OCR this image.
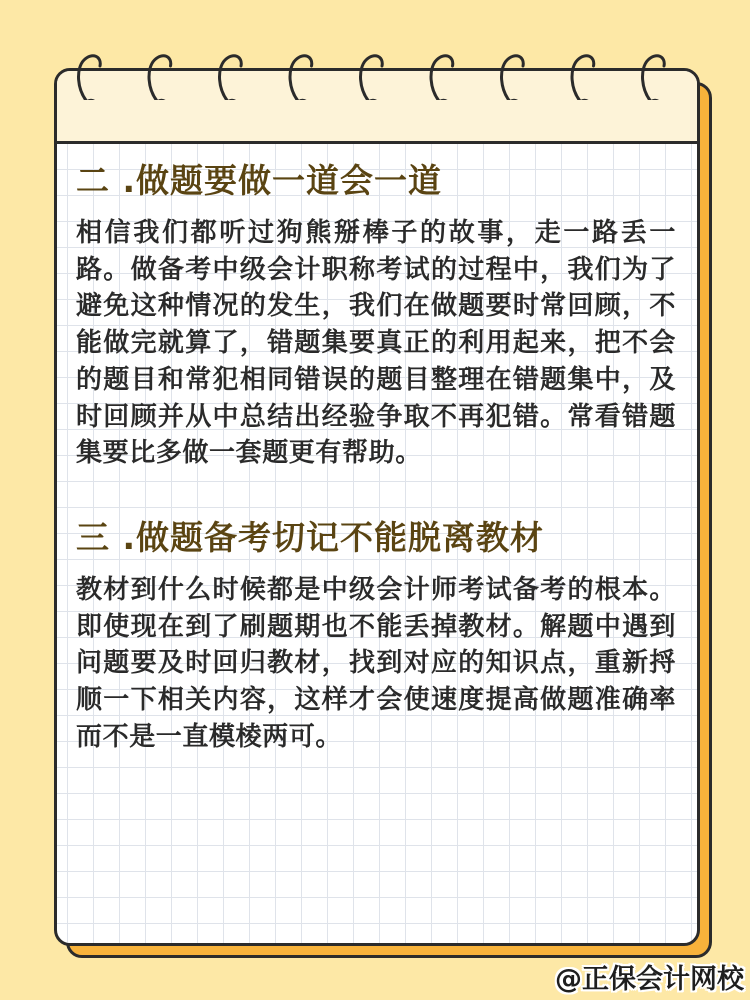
二 .做题要做一道会一道

相信我们都听过狗熊掰棒子的故事，走一路丢一路。做备考中级会计职称考试的过程中，我们为了避免这种情况的发生，我们在做题要时常回顾，不能做完就算了，错题集要真正的利用起来，把不会的题目和常犯相同错误的题目整理在错题集中，及时回顾并从中总结出经验争取不再犯错。常看错题集要比多做一套题更有帮助。

三 .做题备考切记不能脱离教材

教材到什么时候都是中级会计师考试备考的根本。即使现在到了刷题期也不能丢掉教材。解题中遇到问题要及时回归教材，找到对应的知识点，重新捋顺一下相关内容，这样才会使速度提高做题准确率而不是一直模棱两可。

@正保会计网校
